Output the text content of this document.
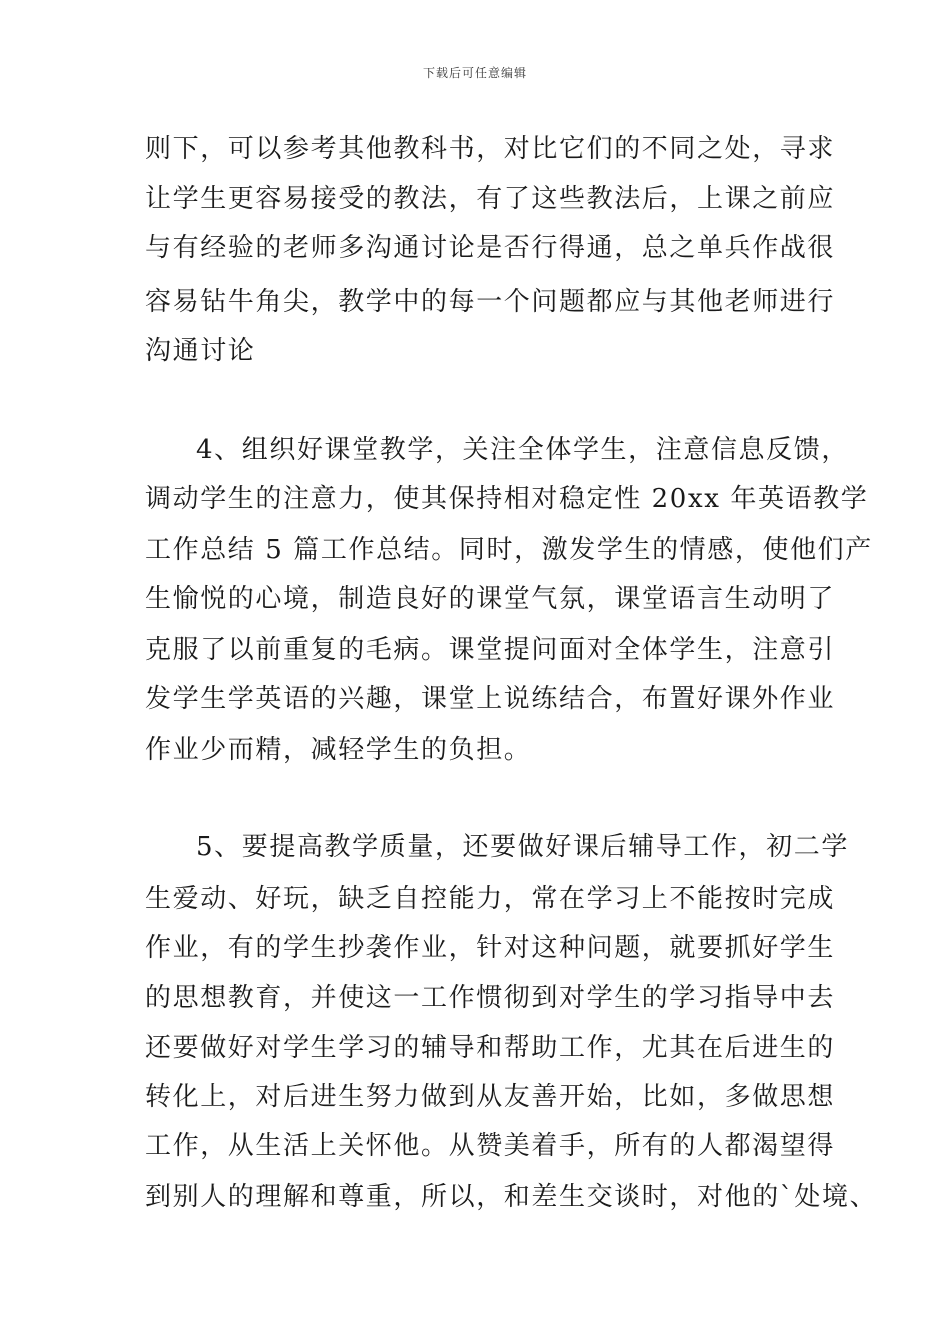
下载后可任意编辑
则下，可以参考其他教科书，对比它们的不同之处，寻求
让学生更容易接受的教法，有了这些教法后，上课之前应
与有经验的老师多沟通讨论是否行得通，总之单兵作战很
容易钻牛角尖，教学中的每一个问题都应与其他老师进行
沟通讨论
4、组织好课堂教学，关注全体学生，注意信息反馈，
调动学生的注意力，使其保持相对稳定性 20xx 年英语教学
工作总结 5 篇工作总结。同时，激发学生的情感，使他们产
生愉悦的心境，制造良好的课堂气氛，课堂语言生动明了
克服了以前重复的毛病。课堂提问面对全体学生，注意引
发学生学英语的兴趣，课堂上说练结合，布置好课外作业
作业少而精，减轻学生的负担。
5、要提高教学质量，还要做好课后辅导工作，初二学
生爱动、好玩，缺乏自控能力，常在学习上不能按时完成
作业，有的学生抄袭作业，针对这种问题，就要抓好学生
的思想教育，并使这一工作惯彻到对学生的学习指导中去
还要做好对学生学习的辅导和帮助工作，尤其在后进生的
转化上，对后进生努力做到从友善开始，比如，多做思想
工作，从生活上关怀他。从赞美着手，所有的人都渴望得
到别人的理解和尊重，所以，和差生交谈时，对他的`处境、
